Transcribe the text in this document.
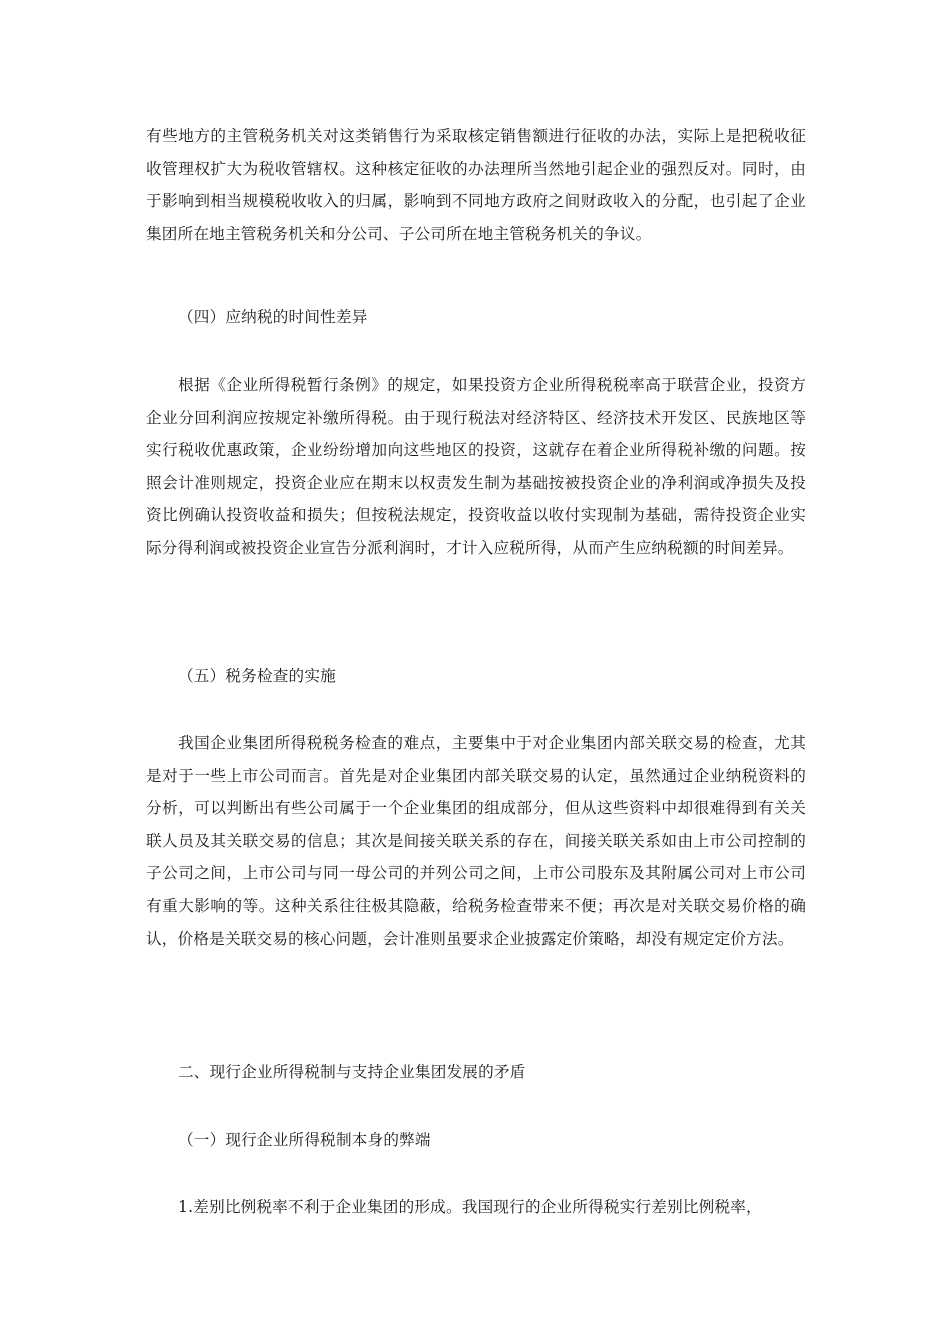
有些地方的主管税务机关对这类销售行为采取核定销售额进行征收的办法，实际上是把税收征收管理权扩大为税收管辖权。这种核定征收的办法理所当然地引起企业的强烈反对。同时，由于影响到相当规模税收收入的归属，影响到不同地方政府之间财政收入的分配，也引起了企业集团所在地主管税务机关和分公司、子公司所在地主管税务机关的争议。
（四）应纳税的时间性差异
根据《企业所得税暂行条例》的规定，如果投资方企业所得税税率高于联营企业，投资方企业分回利润应按规定补缴所得税。由于现行税法对经济特区、经济技术开发区、民族地区等实行税收优惠政策，企业纷纷增加向这些地区的投资，这就存在着企业所得税补缴的问题。按照会计准则规定，投资企业应在期末以权责发生制为基础按被投资企业的净利润或净损失及投资比例确认投资收益和损失；但按税法规定，投资收益以收付实现制为基础，需待投资企业实际分得利润或被投资企业宣告分派利润时，才计入应税所得，从而产生应纳税额的时间差异。
（五）税务检查的实施
我国企业集团所得税税务检查的难点，主要集中于对企业集团内部关联交易的检查，尤其是对于一些上市公司而言。首先是对企业集团内部关联交易的认定，虽然通过企业纳税资料的分析，可以判断出有些公司属于一个企业集团的组成部分，但从这些资料中却很难得到有关关联人员及其关联交易的信息；其次是间接关联关系的存在，间接关联关系如由上市公司控制的子公司之间，上市公司与同一母公司的并列公司之间，上市公司股东及其附属公司对上市公司有重大影响的等。这种关系往往极其隐蔽，给税务检查带来不便；再次是对关联交易价格的确认，价格是关联交易的核心问题，会计准则虽要求企业披露定价策略，却没有规定定价方法。
二、现行企业所得税制与支持企业集团发展的矛盾
（一）现行企业所得税制本身的弊端
1.差别比例税率不利于企业集团的形成。我国现行的企业所得税实行差别比例税率，
